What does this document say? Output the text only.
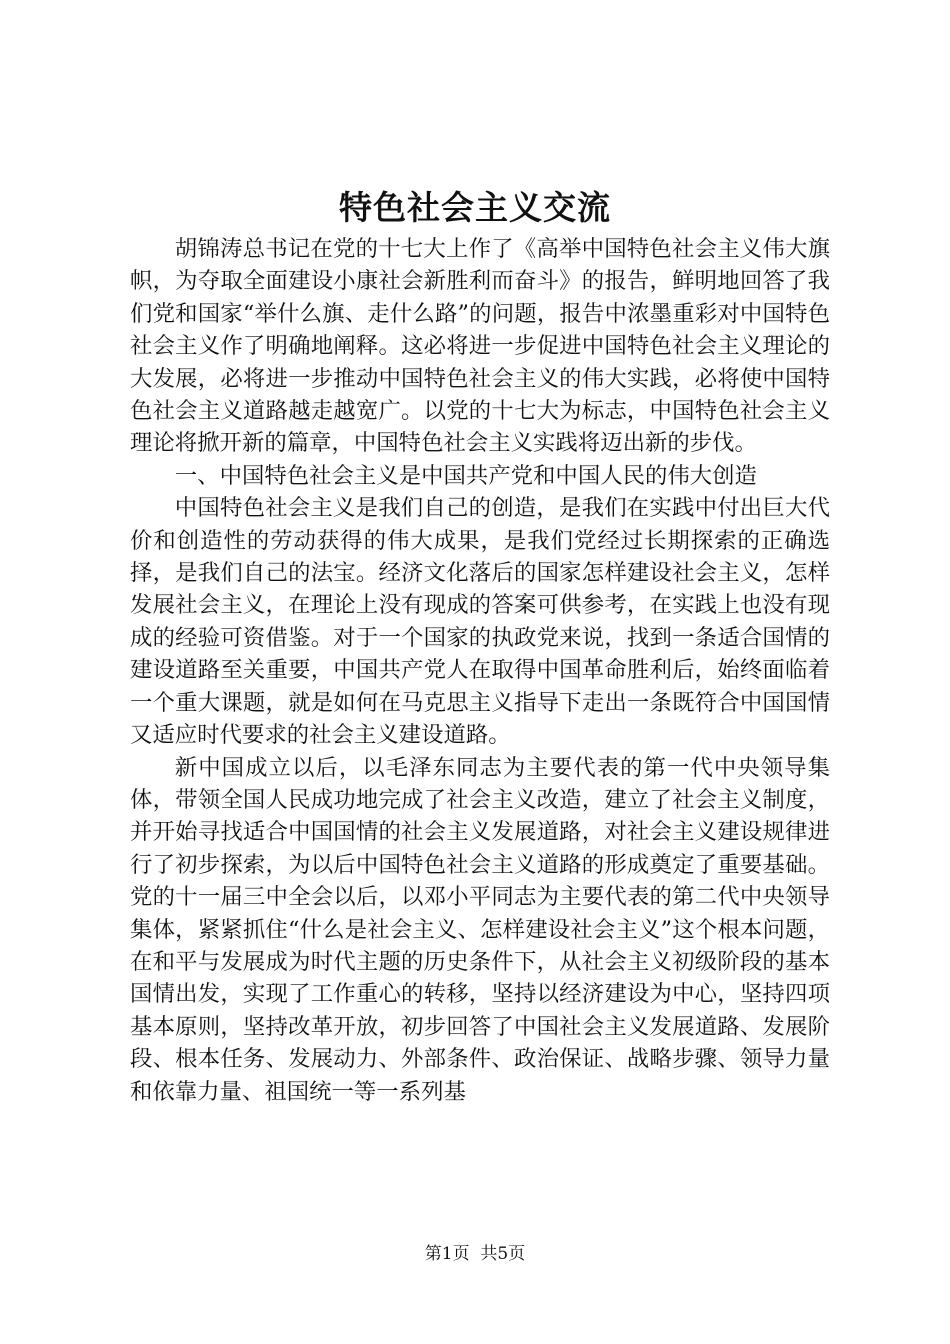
特色社会主义交流

胡锦涛总书记在党的十七大上作了《高举中国特色社会主义伟大旗帜，为夺取全面建设小康社会新胜利而奋斗》的报告，鲜明地回答了我们党和国家“举什么旗、走什么路”的问题，报告中浓墨重彩对中国特色社会主义作了明确地阐释。这必将进一步促进中国特色社会主义理论的大发展，必将进一步推动中国特色社会主义的伟大实践，必将使中国特色社会主义道路越走越宽广。以党的十七大为标志，中国特色社会主义理论将掀开新的篇章，中国特色社会主义实践将迈出新的步伐。

一、中国特色社会主义是中国共产党和中国人民的伟大创造

中国特色社会主义是我们自己的创造，是我们在实践中付出巨大代价和创造性的劳动获得的伟大成果，是我们党经过长期探索的正确选择，是我们自己的法宝。经济文化落后的国家怎样建设社会主义，怎样发展社会主义，在理论上没有现成的答案可供参考，在实践上也没有现成的经验可资借鉴。对于一个国家的执政党来说，找到一条适合国情的建设道路至关重要，中国共产党人在取得中国革命胜利后，始终面临着一个重大课题，就是如何在马克思主义指导下走出一条既符合中国国情又适应时代要求的社会主义建设道路。

新中国成立以后，以毛泽东同志为主要代表的第一代中央领导集体，带领全国人民成功地完成了社会主义改造，建立了社会主义制度，并开始寻找适合中国国情的社会主义发展道路，对社会主义建设规律进行了初步探索，为以后中国特色社会主义道路的形成奠定了重要基础。党的十一届三中全会以后，以邓小平同志为主要代表的第二代中央领导集体，紧紧抓住“什么是社会主义、怎样建设社会主义”这个根本问题，在和平与发展成为时代主题的历史条件下，从社会主义初级阶段的基本国情出发，实现了工作重心的转移，坚持以经济建设为中心，坚持四项基本原则，坚持改革开放，初步回答了中国社会主义发展道路、发展阶段、根本任务、发展动力、外部条件、政治保证、战略步骤、领导力量和依靠力量、祖国统一等一系列基

第1页 共5页
